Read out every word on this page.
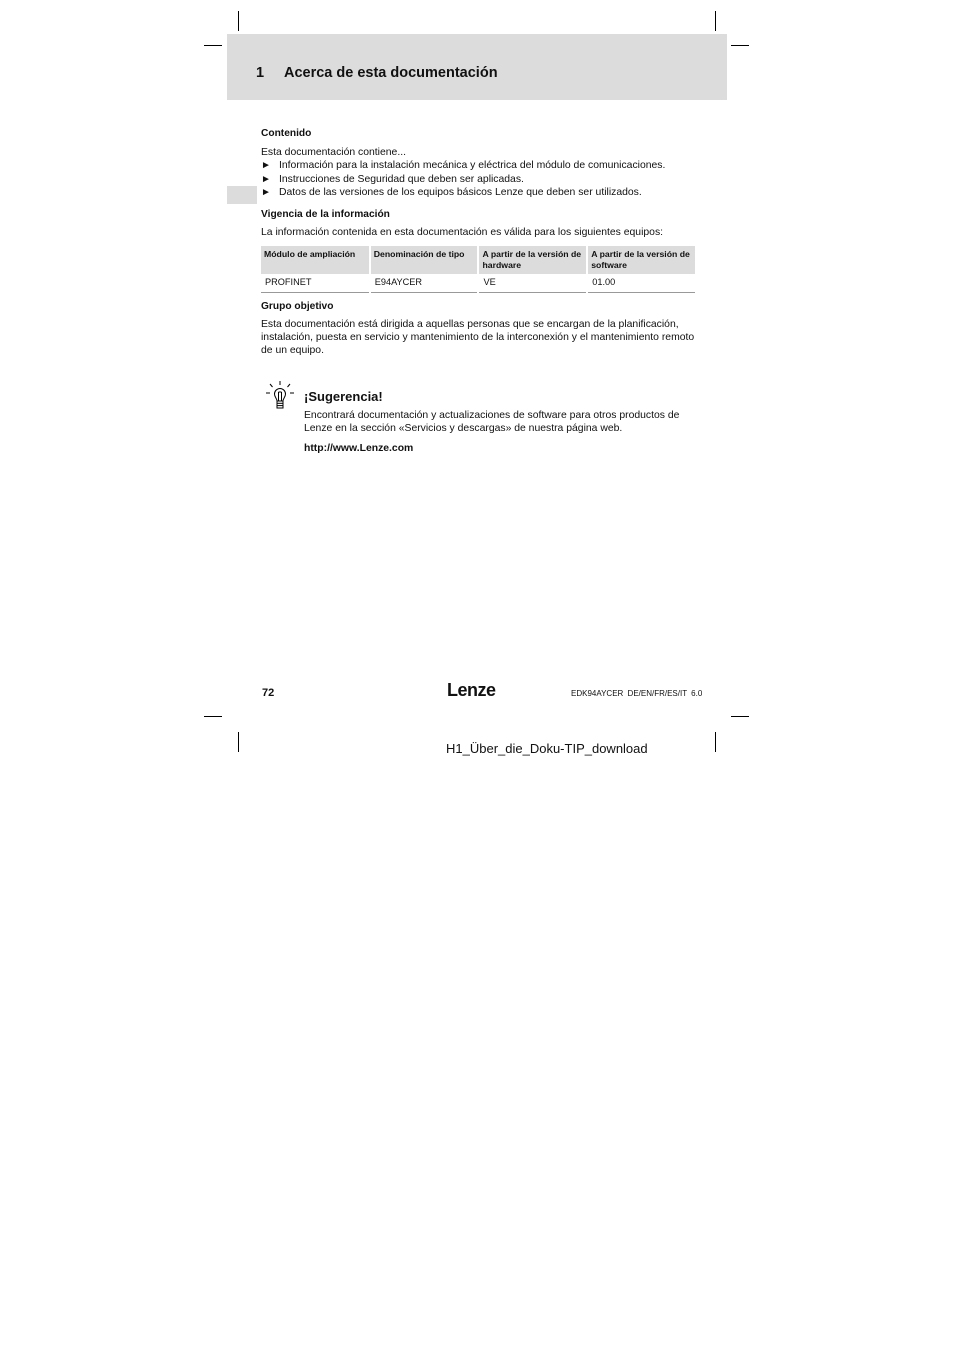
1 Acerca de esta documentación

Contenido

Esta documentación contiene...

► Información para la instalación mecánica y eléctrica del módulo de comunicaciones.
► Instrucciones de Seguridad que deben ser aplicadas.
► Datos de las versiones de los equipos básicos Lenze que deben ser utilizados.

Vigencia de la información

La información contenida en esta documentación es válida para los siguientes equipos:

Módulo de ampliación	Denominación de tipo	A partir de la versión de hardware	A partir de la versión de software
PROFINET	E94AYCER	VE	01.00

Grupo objetivo

Esta documentación está dirigida a aquellas personas que se encargan de la planificación, instalación, puesta en servicio y mantenimiento de la interconexión y el mantenimiento remoto de un equipo.

¡Sugerencia!

Encontrará documentación y actualizaciones de software para otros productos de Lenze en la sección «Servicios y descargas» de nuestra página web.

http://www.Lenze.com

72	Lenze	EDK94AYCER DE/EN/FR/ES/IT 6.0
H1_Über_die_Doku-TIP_download
